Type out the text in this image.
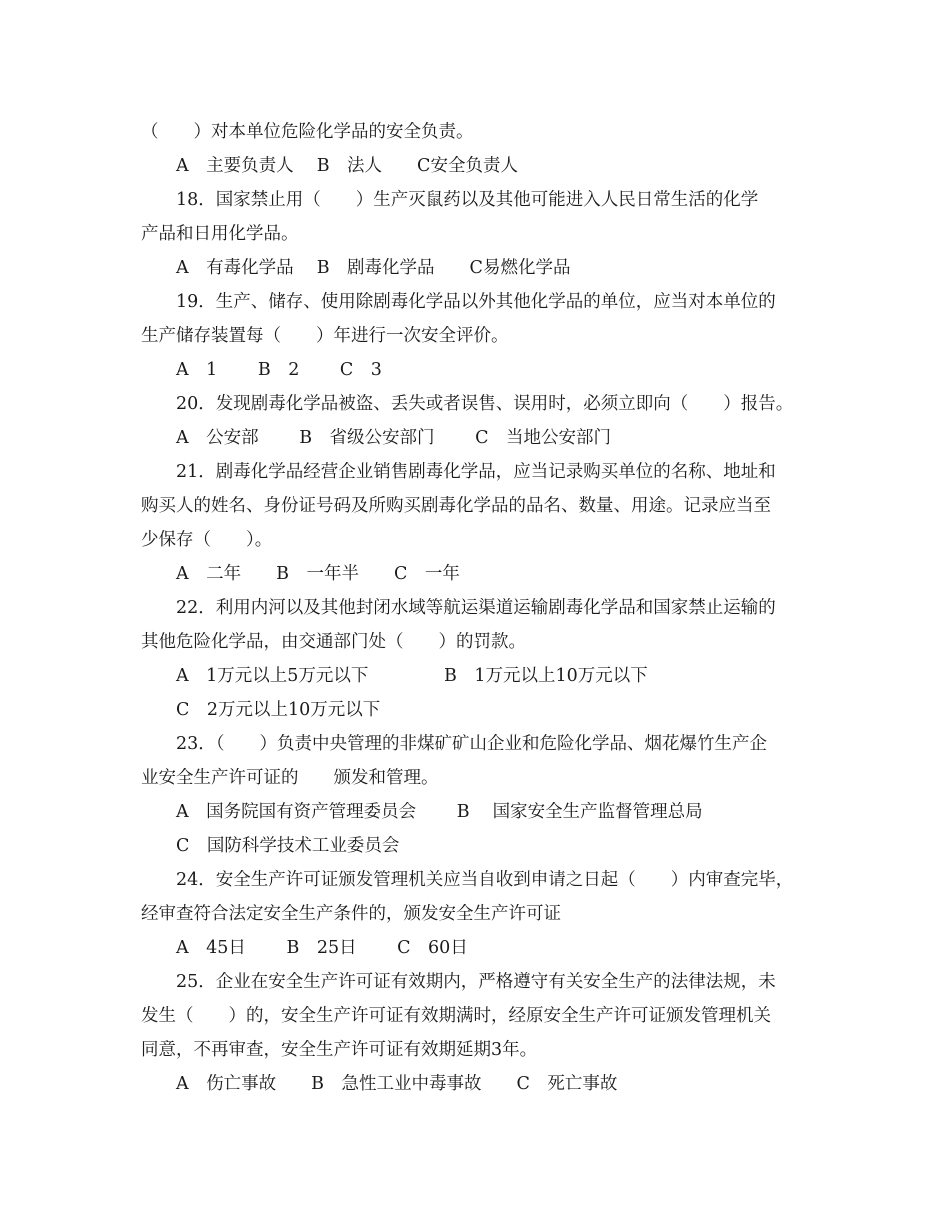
（　　）对本单位危险化学品的安全负责。
A　主要负责人　 B　法人　　C安全负责人
18．国家禁止用（　　）生产灭鼠药以及其他可能进入人民日常生活的化学
产品和日用化学品。
A　有毒化学品　 B　剧毒化学品　　C易燃化学品
19．生产、储存、使用除剧毒化学品以外其他化学品的单位，应当对本单位的
生产储存装置每（　　）年进行一次安全评价。
A　1　　 B　2　　 C　3
20．发现剧毒化学品被盗、丢失或者误售、误用时，必须立即向（　　）报告。
A　公安部　　 B　省级公安部门　　 C　当地公安部门
21．剧毒化学品经营企业销售剧毒化学品，应当记录购买单位的名称、地址和
购买人的姓名、身份证号码及所购买剧毒化学品的品名、数量、用途。记录应当至
少保存（　　）。
A　二年　　B　一年半　　C　一年
22．利用内河以及其他封闭水域等航运渠道运输剧毒化学品和国家禁止运输的
其他危险化学品，由交通部门处（　　）的罚款。
A　1万元以上5万元以下　　　　 B　1万元以上10万元以下
C　2万元以上10万元以下
23．（　　）负责中央管理的非煤矿矿山企业和危险化学品、烟花爆竹生产企
业安全生产许可证的　　颁发和管理。
A　国务院国有资产管理委员会　　 B　 国家安全生产监督管理总局
C　国防科学技术工业委员会
24．安全生产许可证颁发管理机关应当自收到申请之日起（　　）内审查完毕，
经审查符合法定安全生产条件的，颁发安全生产许可证
A　45日　　 B　25日　　 C　60日
25．企业在安全生产许可证有效期内，严格遵守有关安全生产的法律法规，未
发生（　　）的，安全生产许可证有效期满时，经原安全生产许可证颁发管理机关
同意，不再审查，安全生产许可证有效期延期3年。
A　伤亡事故　　B　急性工业中毒事故　　C　死亡事故
